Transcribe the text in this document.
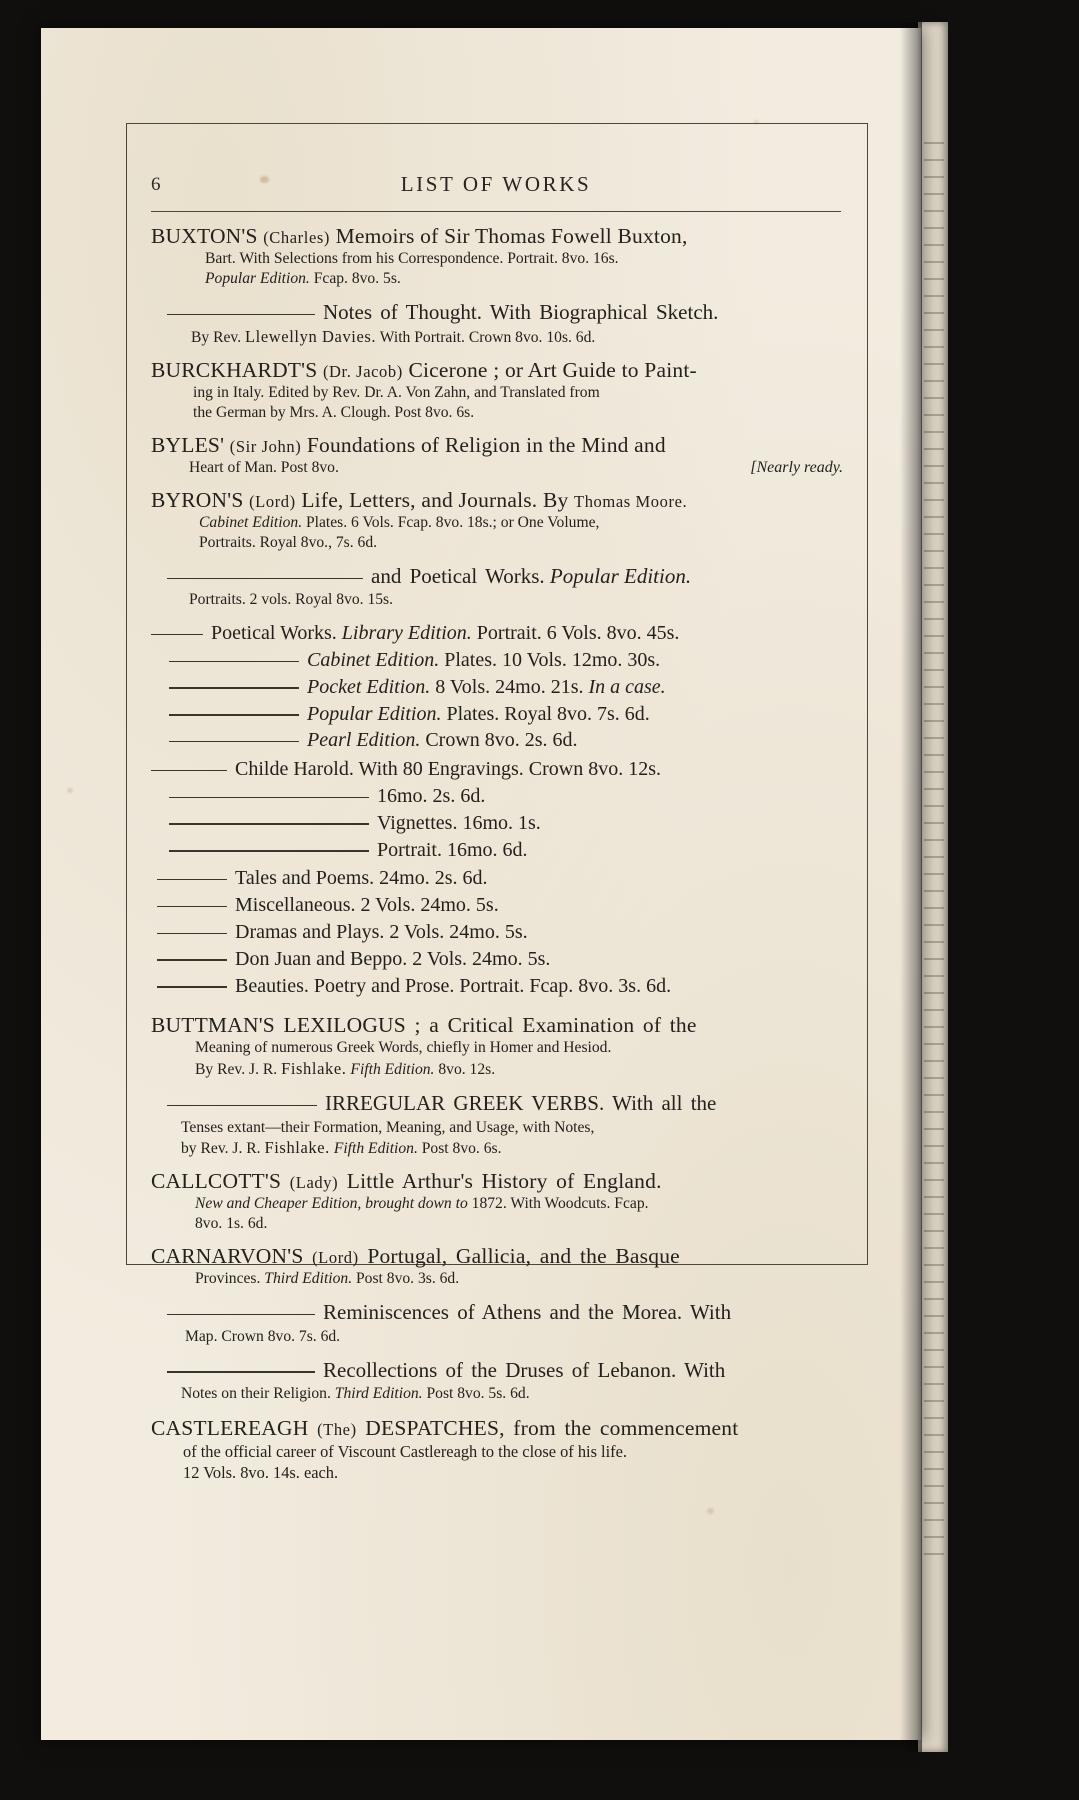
6	LIST OF WORKS
BUXTON'S (Charles) Memoirs of Sir Thomas Fowell Buxton,
Bart. With Selections from his Correspondence. Portrait. 8vo. 16s.
Popular Edition. Fcap. 8vo. 5s.
Notes of Thought. With Biographical Sketch.
By Rev. Llewellyn Davies. With Portrait. Crown 8vo. 10s. 6d.
BURCKHARDT'S (Dr. Jacob) Cicerone ; or Art Guide to Paint-
ing in Italy. Edited by Rev. Dr. A. Von Zahn, and Translated from
the German by Mrs. A. Clough. Post 8vo. 6s.
BYLES' (Sir John) Foundations of Religion in the Mind and
[Nearly ready.
Heart of Man. Post 8vo.
BYRON'S (Lord) Life, Letters, and Journals. By Thomas Moore.
Cabinet Edition. Plates. 6 Vols. Fcap. 8vo. 18s.; or One Volume,
Portraits. Royal 8vo., 7s. 6d.
and Poetical Works. Popular Edition.
Portraits. 2 vols. Royal 8vo. 15s.
Poetical Works. Library Edition. Portrait. 6 Vols. 8vo. 45s.
Cabinet Edition. Plates. 10 Vols. 12mo. 30s.
Pocket Edition. 8 Vols. 24mo. 21s. In a case.
Popular Edition. Plates. Royal 8vo. 7s. 6d.
Pearl Edition. Crown 8vo. 2s. 6d.
Childe Harold. With 80 Engravings. Crown 8vo. 12s.
16mo. 2s. 6d.
Vignettes. 16mo. 1s.
Portrait. 16mo. 6d.
Tales and Poems. 24mo. 2s. 6d.
Miscellaneous. 2 Vols. 24mo. 5s.
Dramas and Plays. 2 Vols. 24mo. 5s.
Don Juan and Beppo. 2 Vols. 24mo. 5s.
Beauties. Poetry and Prose. Portrait. Fcap. 8vo. 3s. 6d.
BUTTMAN'S LEXILOGUS ; a Critical Examination of the
Meaning of numerous Greek Words, chiefly in Homer and Hesiod.
By Rev. J. R. Fishlake. Fifth Edition. 8vo. 12s.
IRREGULAR GREEK VERBS. With all the
Tenses extant—their Formation, Meaning, and Usage, with Notes,
by Rev. J. R. Fishlake. Fifth Edition. Post 8vo. 6s.
CALLCOTT'S (Lady) Little Arthur's History of England.
New and Cheaper Edition, brought down to 1872. With Woodcuts. Fcap.
8vo. 1s. 6d.
CARNARVON'S (Lord) Portugal, Gallicia, and the Basque
Provinces. Third Edition. Post 8vo. 3s. 6d.
Reminiscences of Athens and the Morea. With
Map. Crown 8vo. 7s. 6d.
Recollections of the Druses of Lebanon. With
Notes on their Religion. Third Edition. Post 8vo. 5s. 6d.
CASTLEREAGH (The) DESPATCHES, from the commencement
of the official career of Viscount Castlereagh to the close of his life.
12 Vols. 8vo. 14s. each.
